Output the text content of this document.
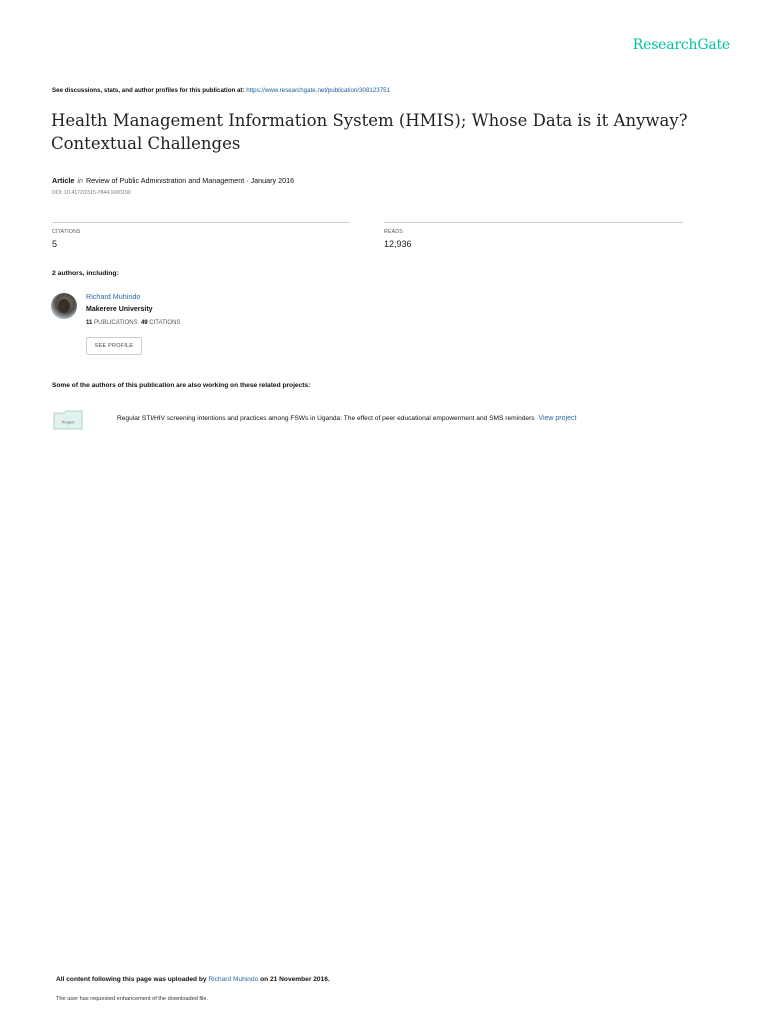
ResearchGate
See discussions, stats, and author profiles for this publication at: https://www.researchgate.net/publication/308123751
Health Management Information System (HMIS); Whose Data is it Anyway? Contextual Challenges
Article in Review of Public Administration and Management · January 2016
DOI: 10.4172/2315-7844.1000190
CITATIONS
5
READS
12,936
2 authors, including:
Richard Muhindo
Makerere University
11 PUBLICATIONS 49 CITATIONS
SEE PROFILE
Some of the authors of this publication are also working on these related projects:
Project	Regular STI/HIV screening intentions and practices among FSWs in Uganda: The effect of peer educational empowerment and SMS reminders View project
All content following this page was uploaded by Richard Muhindo on 21 November 2016.
The user has requested enhancement of the downloaded file.
